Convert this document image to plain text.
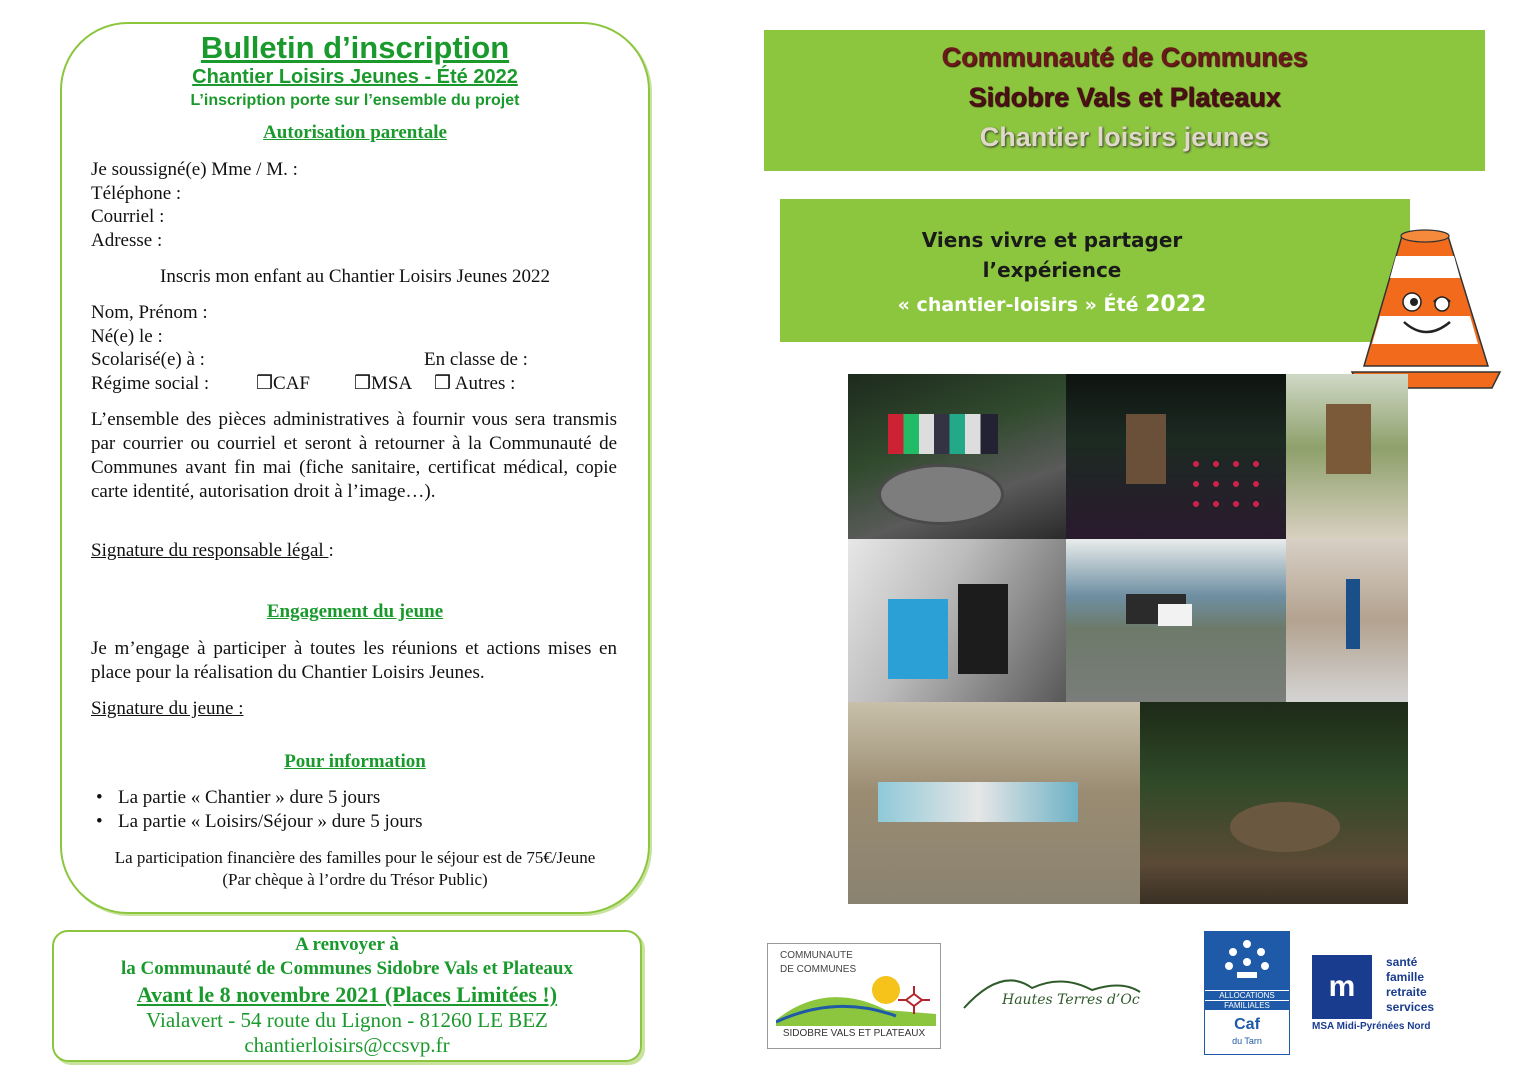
Bulletin d’inscription
Chantier Loisirs Jeunes - Été 2022
L’inscription porte sur l’ensemble du projet
Autorisation parentale
Je soussigné(e) Mme / M. :
Téléphone :
Courriel :
Adresse :
Inscris mon enfant au Chantier Loisirs Jeunes 2022
Nom, Prénom :
Né(e) le :
Scolarisé(e) à :	En classe de :
Régime social : ❒CAF ❒MSA ❒ Autres :
L’ensemble des pièces administratives à fournir vous sera transmis par courrier ou courriel et seront à retourner à la Communauté de Communes avant fin mai (fiche sanitaire, certificat médical, copie carte identité, autorisation droit à l’image…).
Signature du responsable légal :
Engagement du jeune
Je m’engage à participer à toutes les réunions et actions mises en place pour la réalisation du Chantier Loisirs Jeunes.
Signature du jeune :
Pour information
• La partie « Chantier » dure 5 jours
• La partie « Loisirs/Séjour » dure 5 jours
La participation financière des familles pour le séjour est de 75€/Jeune
(Par chèque à l’ordre du Trésor Public)
A renvoyer à
la Communauté de Communes Sidobre Vals et Plateaux
Avant le 8 novembre 2021 (Places Limitées !)
Vialavert - 54 route du Lignon - 81260 LE BEZ
chantierloisirs@ccsvp.fr
Communauté de Communes
Sidobre Vals et Plateaux
Chantier loisirs jeunes
Viens vivre et partager
l’expérience
« chantier-loisirs » Été 2022
COMMUNAUTE
DE COMMUNES
SIDOBRE VALS ET PLATEAUX
Hautes Terres d’Oc	ALLOCATIONS
FAMILIALES
Caf
du Tarn
m
santé
famille
retraite
services
MSA Midi-Pyrénées Nord
